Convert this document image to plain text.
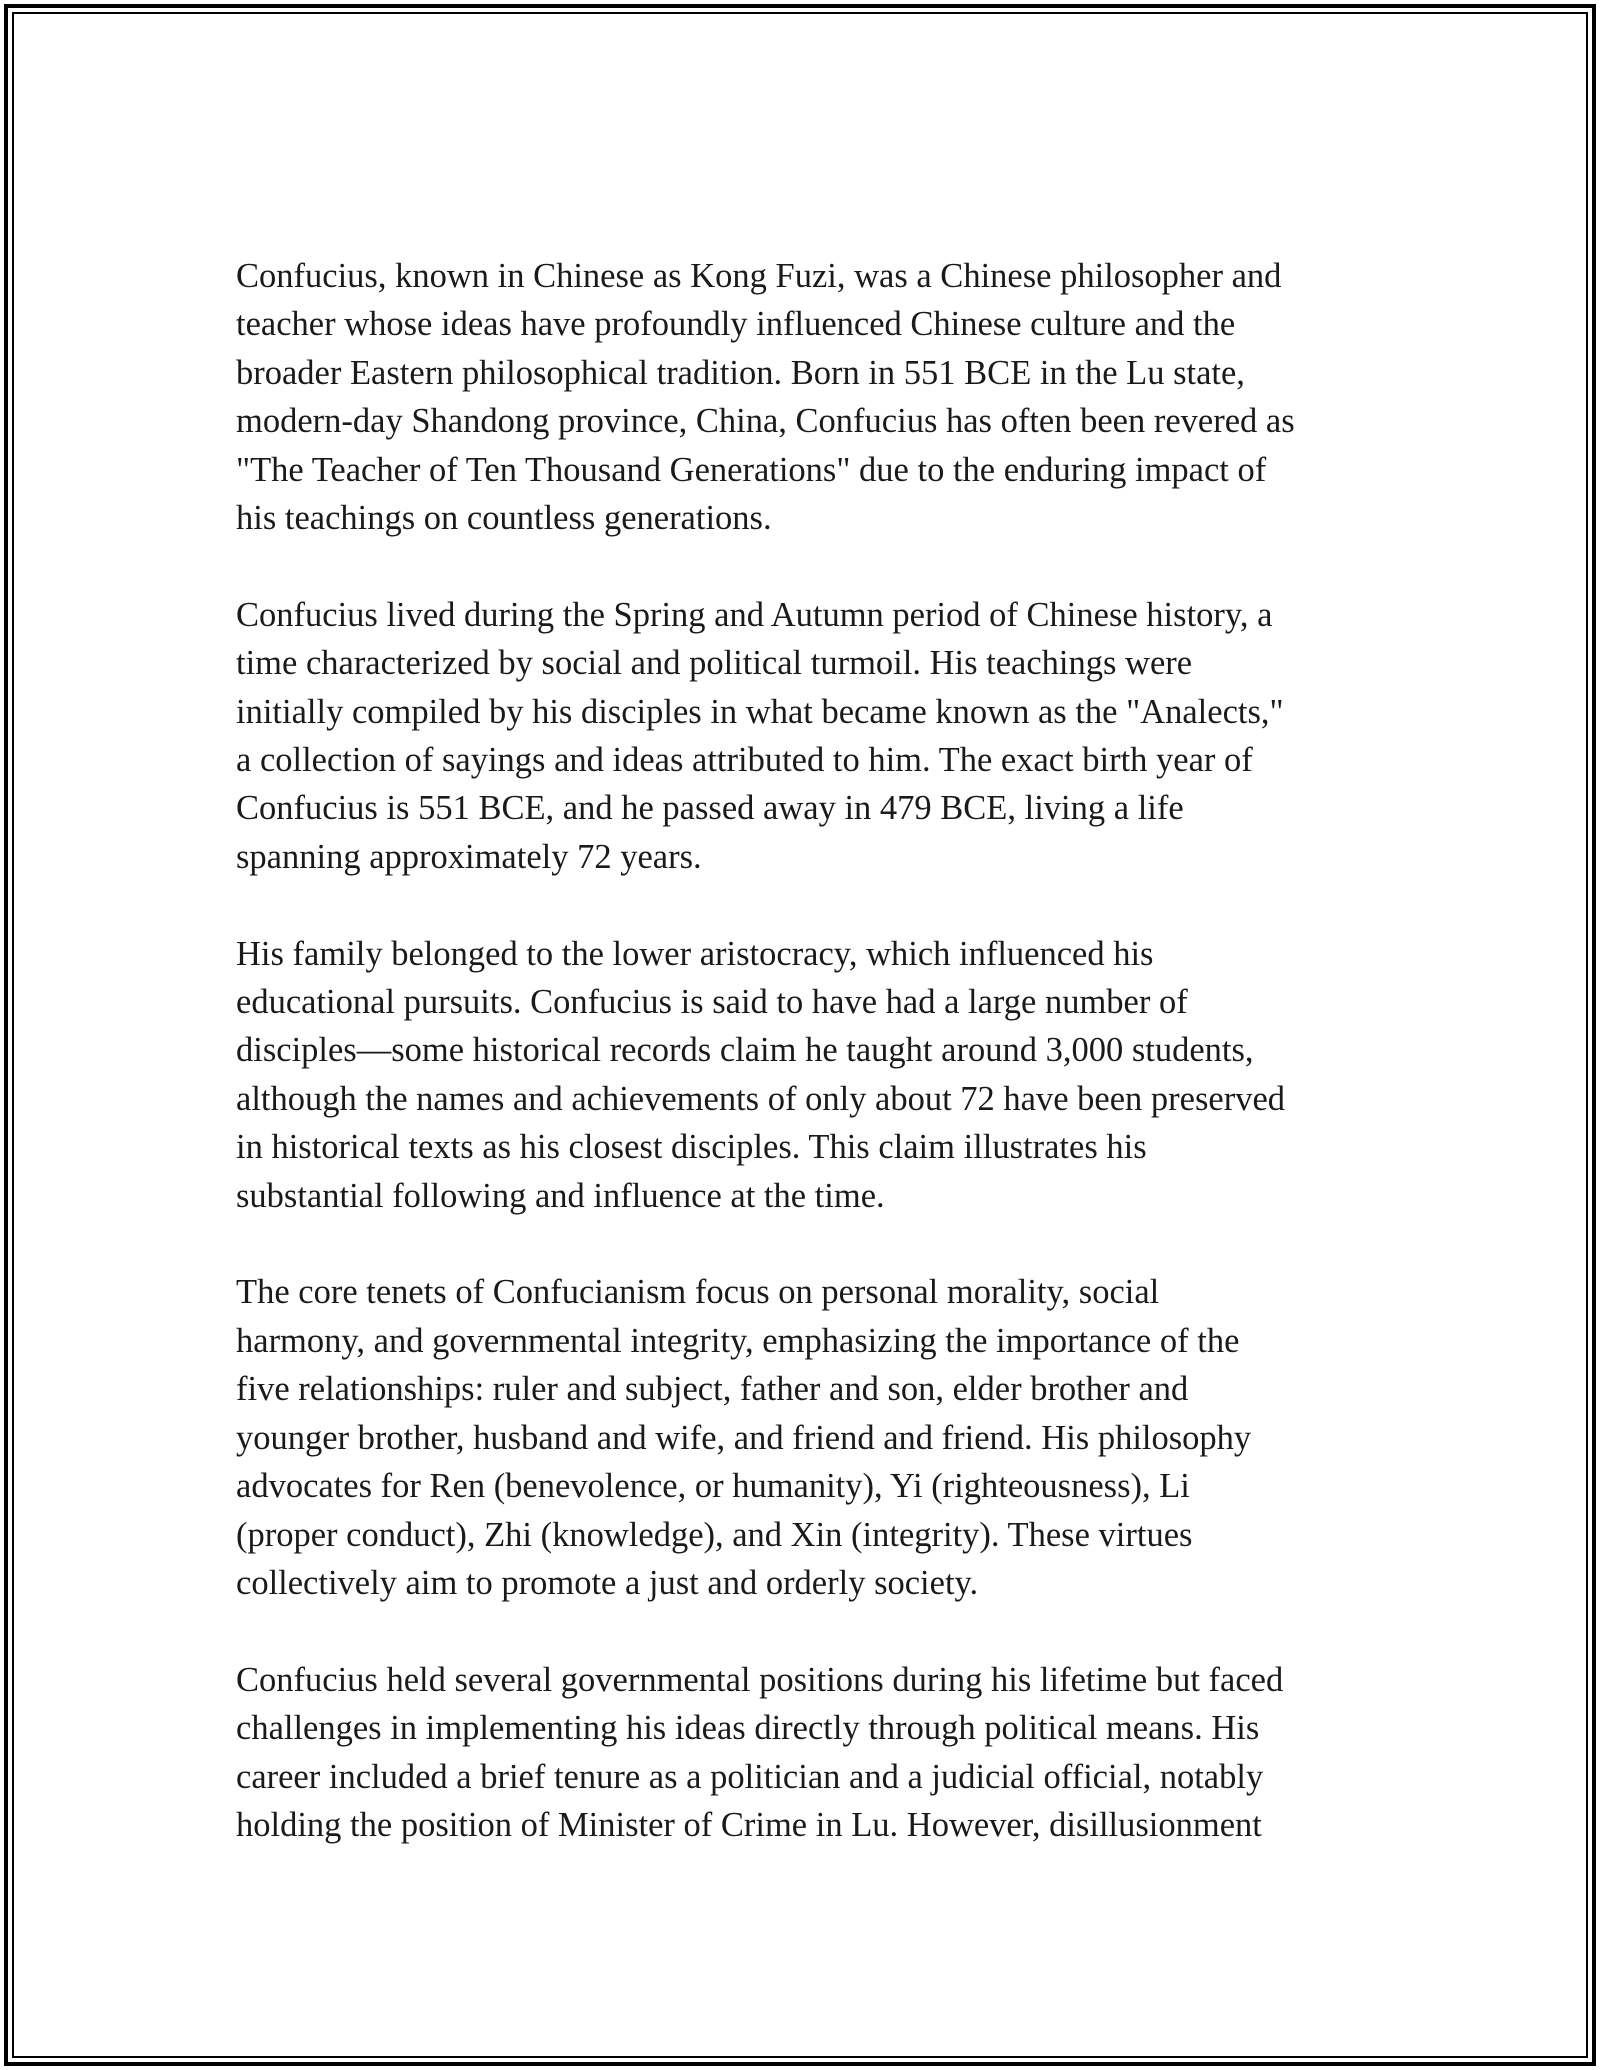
Confucius, known in Chinese as Kong Fuzi, was a Chinese philosopher and
teacher whose ideas have profoundly influenced Chinese culture and the
broader Eastern philosophical tradition. Born in 551 BCE in the Lu state,
modern-day Shandong province, China, Confucius has often been revered as
"The Teacher of Ten Thousand Generations" due to the enduring impact of
his teachings on countless generations.

Confucius lived during the Spring and Autumn period of Chinese history, a
time characterized by social and political turmoil. His teachings were
initially compiled by his disciples in what became known as the "Analects,"
a collection of sayings and ideas attributed to him. The exact birth year of
Confucius is 551 BCE, and he passed away in 479 BCE, living a life
spanning approximately 72 years.

His family belonged to the lower aristocracy, which influenced his
educational pursuits. Confucius is said to have had a large number of
disciples—some historical records claim he taught around 3,000 students,
although the names and achievements of only about 72 have been preserved
in historical texts as his closest disciples. This claim illustrates his
substantial following and influence at the time.

The core tenets of Confucianism focus on personal morality, social
harmony, and governmental integrity, emphasizing the importance of the
five relationships: ruler and subject, father and son, elder brother and
younger brother, husband and wife, and friend and friend. His philosophy
advocates for Ren (benevolence, or humanity), Yi (righteousness), Li
(proper conduct), Zhi (knowledge), and Xin (integrity). These virtues
collectively aim to promote a just and orderly society.

Confucius held several governmental positions during his lifetime but faced
challenges in implementing his ideas directly through political means. His
career included a brief tenure as a politician and a judicial official, notably
holding the position of Minister of Crime in Lu. However, disillusionment
